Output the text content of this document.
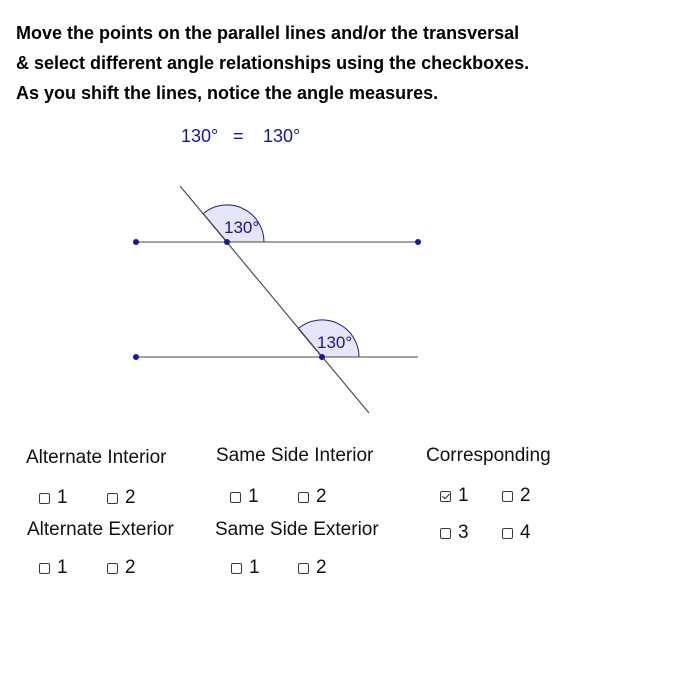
Move the points on the parallel lines and/or the transversal
& select different angle relationships using the checkboxes.
As you shift the lines, notice the angle measures.
130° = 130°
130°
130°
Alternate Interior
1	2
Same Side Interior
1	2
Corresponding
1	2
3	4
Alternate Exterior
1	2
Same Side Exterior
1	2
